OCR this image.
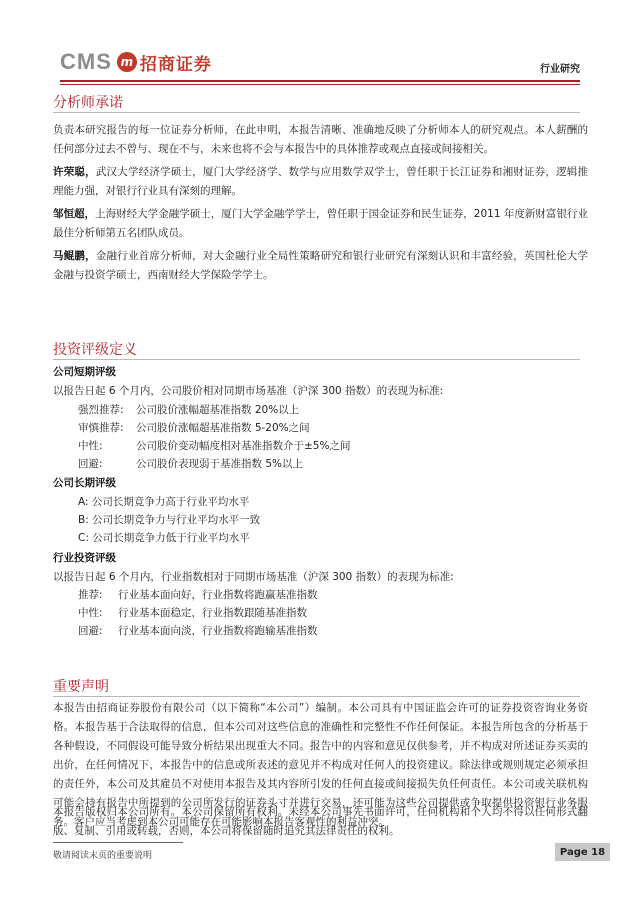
CMS m 招商证券	行业研究
分析师承诺

负责本研究报告的每一位证券分析师，在此申明，本报告清晰、准确地反映了分析师本人的研究观点。本人薪酬的任何部分过去不曾与、现在不与，未来也将不会与本报告中的具体推荐或观点直接或间接相关。

许荣聪，武汉大学经济学硕士，厦门大学经济学、数学与应用数学双学士，曾任职于长江证券和湘财证券，逻辑推理能力强，对银行行业具有深刻的理解。

邹恒超，上海财经大学金融学硕士，厦门大学金融学学士，曾任职于国金证券和民生证券，2011 年度新财富银行业最佳分析师第五名团队成员。

马鲲鹏，金融行业首席分析师，对大金融行业全局性策略研究和银行业研究有深刻认识和丰富经验，英国杜伦大学金融与投资学硕士，西南财经大学保险学学士。

投资评级定义
公司短期评级
以报告日起 6 个月内，公司股价相对同期市场基准（沪深 300 指数）的表现为标准:
强烈推荐: 公司股价涨幅超基准指数 20%以上
审慎推荐: 公司股价涨幅超基准指数 5-20%之间
中性:	公司股价变动幅度相对基准指数介于±5%之间
回避:	公司股价表现弱于基准指数 5%以上
公司长期评级
A: 公司长期竞争力高于行业平均水平
B: 公司长期竞争力与行业平均水平一致
C: 公司长期竞争力低于行业平均水平
行业投资评级
以报告日起 6 个月内，行业指数相对于同期市场基准（沪深 300 指数）的表现为标准:
推荐: 行业基本面向好，行业指数将跑赢基准指数
中性: 行业基本面稳定，行业指数跟随基准指数
回避: 行业基本面向淡，行业指数将跑输基准指数
重要声明

本报告由招商证券股份有限公司（以下简称“本公司”）编制。本公司具有中国证监会许可的证券投资咨询业务资格。本报告基于合法取得的信息，但本公司对这些信息的准确性和完整性不作任何保证。本报告所包含的分析基于各种假设，不同假设可能导致分析结果出现重大不同。报告中的内容和意见仅供参考，并不构成对所述证券买卖的出价，在任何情况下，本报告中的信息或所表述的意见并不构成对任何人的投资建议。除法律或规则规定必须承担的责任外，本公司及其雇员不对使用本报告及其内容所引发的任何直接或间接损失负任何责任。本公司或关联机构可能会持有报告中所提到的公司所发行的证券头寸并进行交易，还可能为这些公司提供或争取提供投资银行业务服务。客户应当考虑到本公司可能存在可能影响本报告客观性的利益冲突。

本报告版权归本公司所有。本公司保留所有权利。未经本公司事先书面许可，任何机构和个人均不得以任何形式翻版、复制、引用或转载，否则，本公司将保留随时追究其法律责任的权利。

敬请阅读末页的重要说明	Page 18
